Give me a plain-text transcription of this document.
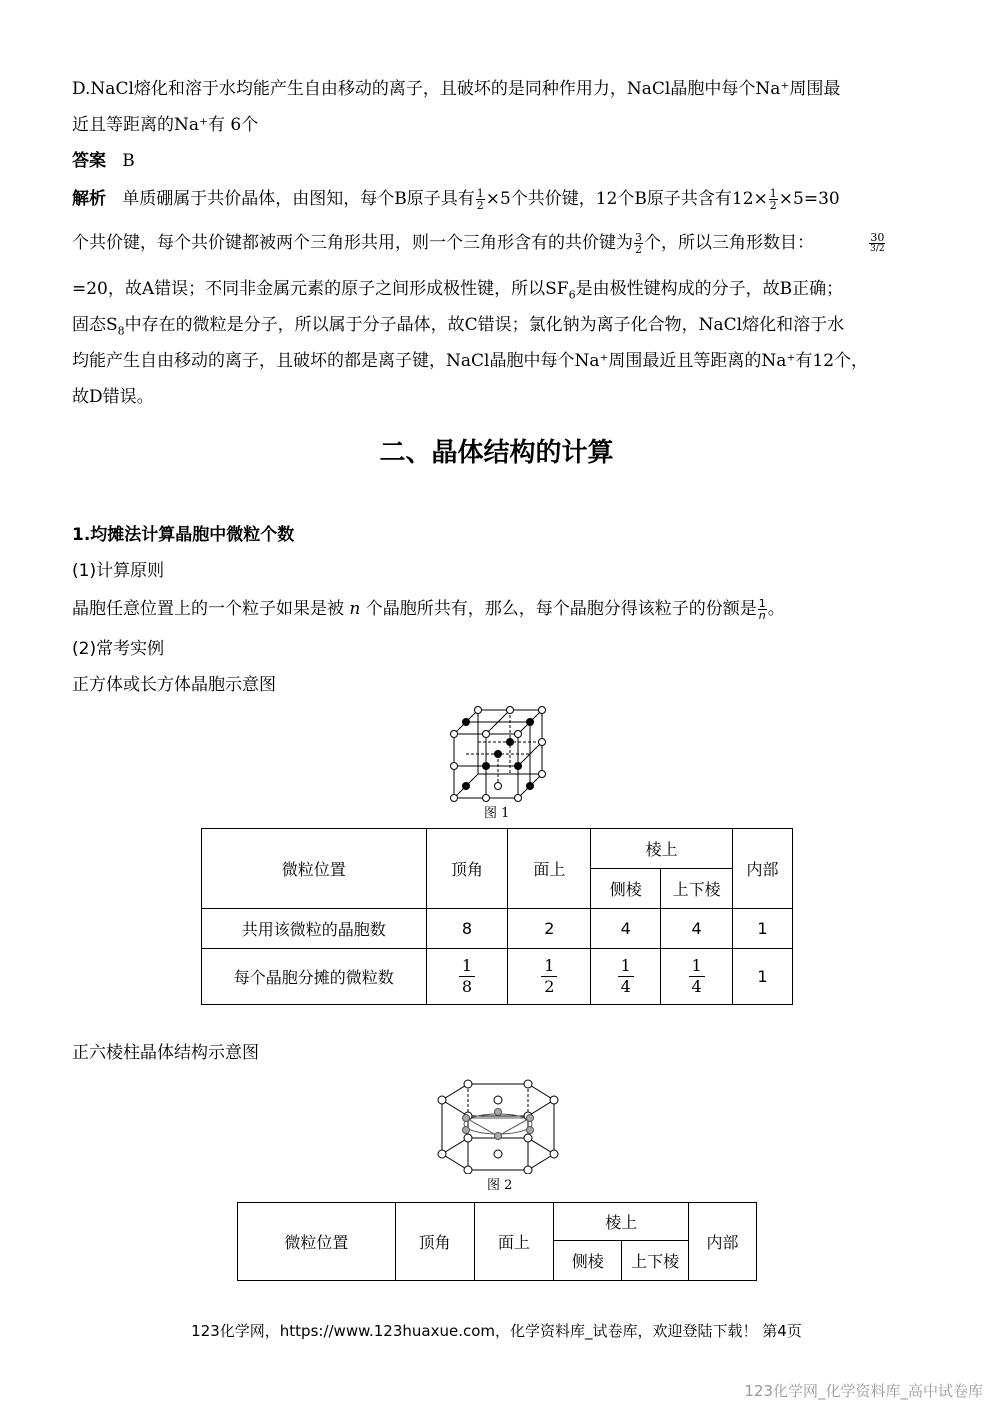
D.NaCl熔化和溶于水均能产生自由移动的离子，且破坏的是同种作用力，NaCl晶胞中每个Na⁺周围最
近且等距离的Na⁺有 6个
答案 B
解析 单质硼属于共价晶体，由图知，每个B原子具有 $\frac{1}{2} \times 5$个共价键，12个B原子共含有$12\times \frac{1}{2} \times 5=30$
个共价键，每个共价键都被两个三角形共用，则一个三角形含有的共价键为 $\frac{3}{2}$ 个，所以三角形数目：	$\frac{30}{3/2}$
=20，故A错误；不同非金属元素的原子之间形成极性键，所以$SF_6$是由极性键构成的分子，故B正确；
固态$S_8$中存在的微粒是分子，所以属于分子晶体，故C错误；氯化钠为离子化合物，NaCl熔化和溶于水
均能产生自由移动的离子，且破坏的都是离子键，NaCl晶胞中每个Na⁺周围最近且等距离的Na⁺有12个，
故D错误。
二、晶体结构的计算
1.均摊法计算晶胞中微粒个数
(1)计算原则
晶胞任意位置上的一个粒子如果是被 n 个晶胞所共有，那么，每个晶胞分得该粒子的份额是 $\frac{1}{n}$ 。
(2)常考实例
正方体或长方体晶胞示意图
图 1
微粒位置	顶角	面上	棱上		内部
			侧棱	上下棱	
共用该微粒的晶胞数	8	2	4	4	1
每个晶胞分摊的微粒数	$\frac{1}{8}$	$\frac{1}{2}$	$\frac{1}{4}$	$\frac{1}{4}$	1
正六棱柱晶体结构示意图
图 2
微粒位置	顶角	面上	棱上		内部
			侧棱	上下棱	
123化学网，https://www.123huaxue.com，化学资料库_试卷库，欢迎登陆下载！ 第4页
123化学网_化学资料库_高中试卷库
